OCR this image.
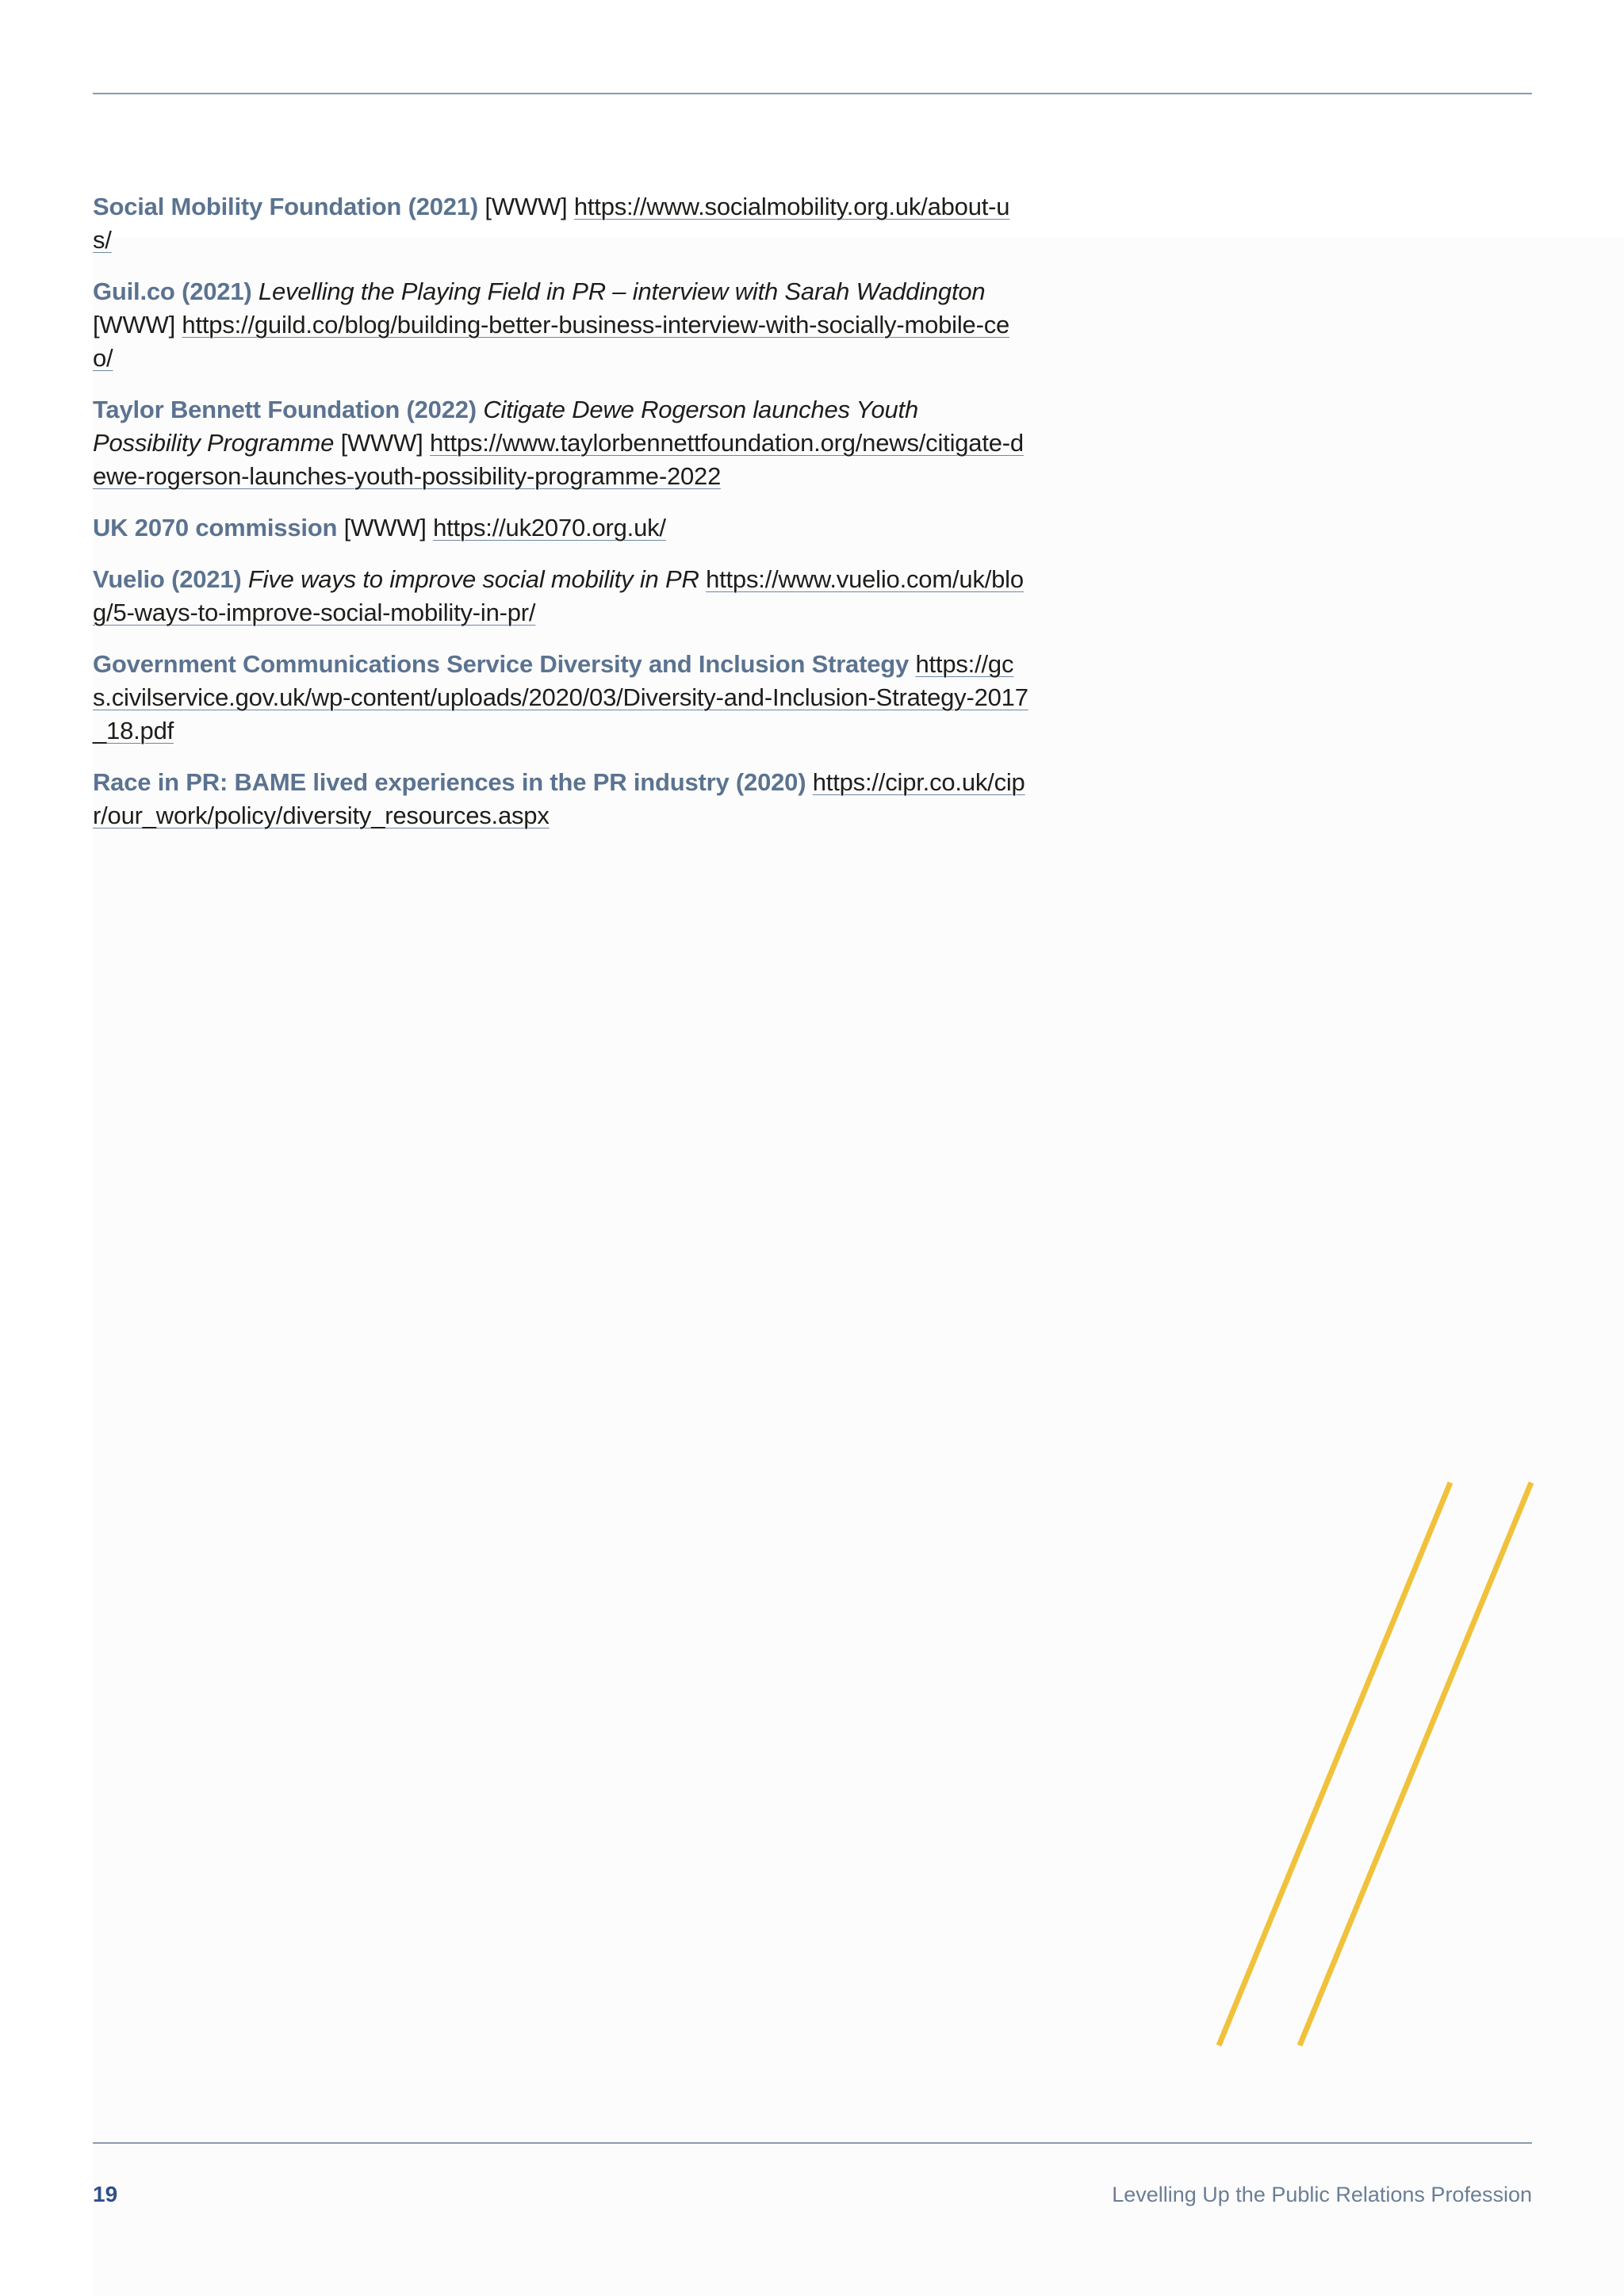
Social Mobility Foundation (2021) [WWW] https://www.socialmobility.org.uk/about-us/

Guil.co (2021) Levelling the Playing Field in PR – interview with Sarah Waddington [WWW] https://guild.co/blog/building-better-business-interview-with-socially-mobile-ceo/

Taylor Bennett Foundation (2022) Citigate Dewe Rogerson launches Youth Possibility Programme [WWW] https://www.taylorbennettfoundation.org/news/citigate-dewe-rogerson-launches-youth-possibility-programme-2022

UK 2070 commission [WWW] https://uk2070.org.uk/

Vuelio (2021) Five ways to improve social mobility in PR https://www.vuelio.com/uk/blog/5-ways-to-improve-social-mobility-in-pr/

Government Communications Service Diversity and Inclusion Strategy https://gcs.civilservice.gov.uk/wp-content/uploads/2020/03/Diversity-and-Inclusion-Strategy-2017_18.pdf

Race in PR: BAME lived experiences in the PR industry (2020) https://cipr.co.uk/cipr/our_work/policy/diversity_resources.aspx

19	Levelling Up the Public Relations Profession
